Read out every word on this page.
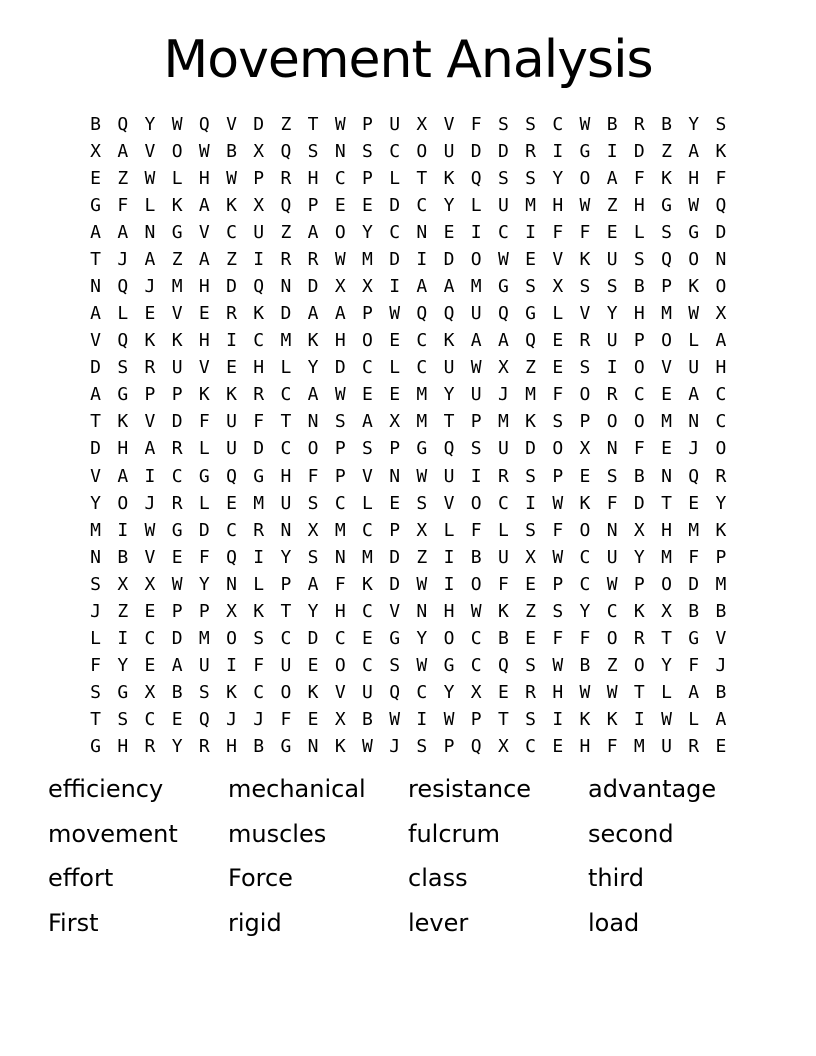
Movement Analysis
B Q Y W Q V D Z T W P U X V F S S C W B R B Y S
X A V O W B X Q S N S C O U D D R I G I D Z A K
E Z W L H W P R H C P L T K Q S S Y O A F K H F
G F L K A K X Q P E E D C Y L U M H W Z H G W Q
A A N G V C U Z A O Y C N E I C I F F E L S G D
T J A Z A Z I R R W M D I D O W E V K U S Q O N
N Q J M H D Q N D X X I A A M G S X S S B P K O
A L E V E R K D A A P W Q Q U Q G L V Y H M W X
V Q K K H I C M K H O E C K A A Q E R U P O L A
D S R U V E H L Y D C L C U W X Z E S I O V U H
A G P P K K R C A W E E M Y U J M F O R C E A C
T K V D F U F T N S A X M T P M K S P O O M N C
D H A R L U D C O P S P G Q S U D O X N F E J O
V A I C G Q G H F P V N W U I R S P E S B N Q R
Y O J R L E M U S C L E S V O C I W K F D T E Y
M I W G D C R N X M C P X L F L S F O N X H M K
N B V E F Q I Y S N M D Z I B U X W C U Y M F P
S X X W Y N L P A F K D W I O F E P C W P O D M
J Z E P P X K T Y H C V N H W K Z S Y C K X B B
L I C D M O S C D C E G Y O C B E F F O R T G V
F Y E A U I F U E O C S W G C Q S W B Z O Y F J
S G X B S K C O K V U Q C Y X E R H W W T L A B
T S C E Q J J F E X B W I W P T S I K K I W L A
G H R Y R H B G N K W J S P Q X C E H F M U R E
efficiency	mechanical	resistance	advantage
movement	muscles	fulcrum	second
effort	Force	class	third
First	rigid	lever	load
